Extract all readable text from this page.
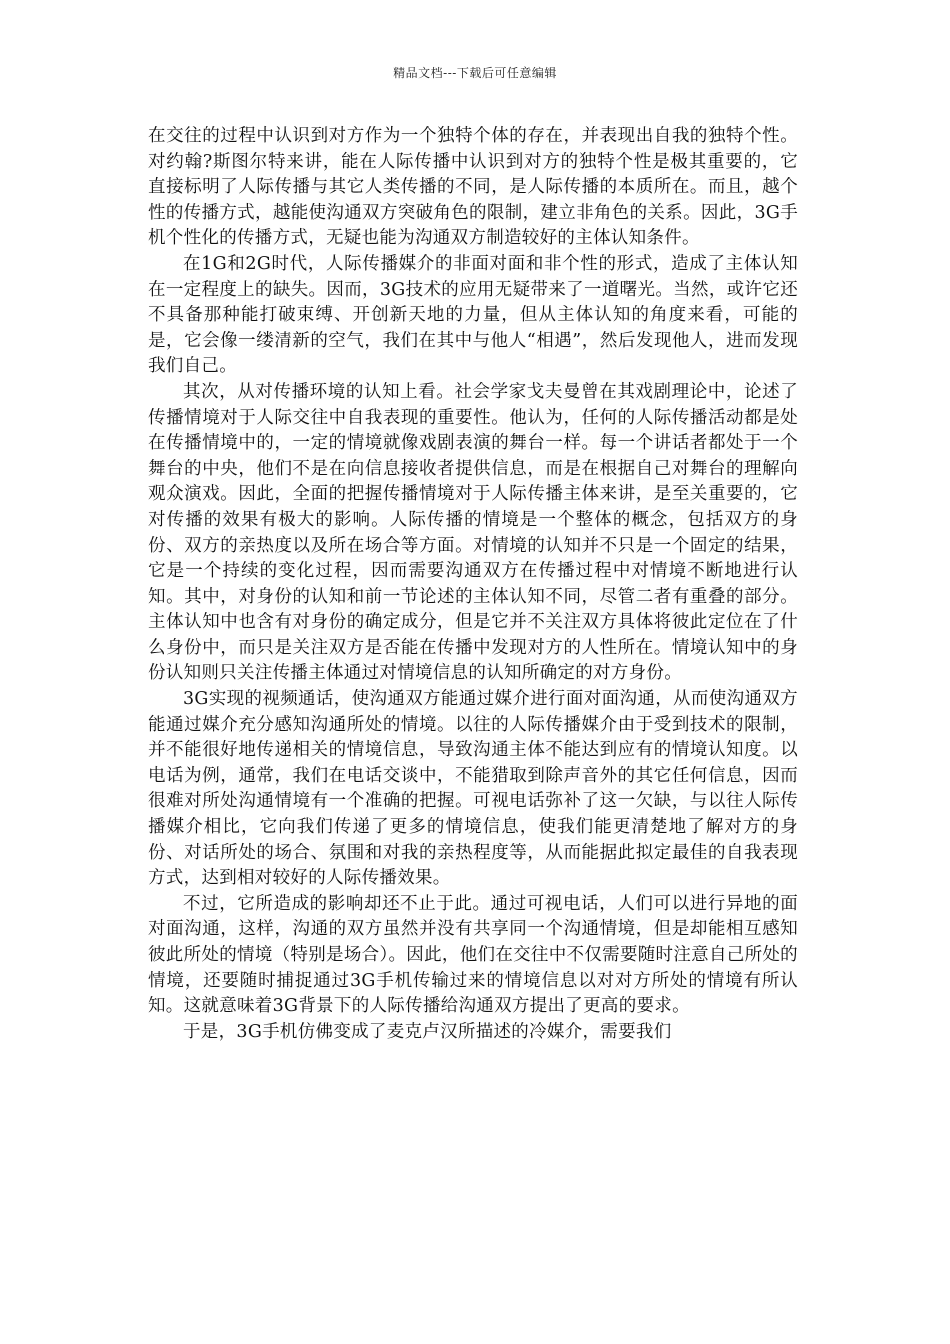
精品文档---下载后可任意编辑

在交往的过程中认识到对方作为一个独特个体的存在，并表现出自我的独特个性。对约翰?斯图尔特来讲，能在人际传播中认识到对方的独特个性是极其重要的，它直接标明了人际传播与其它人类传播的不同，是人际传播的本质所在。而且，越个性的传播方式，越能使沟通双方突破角色的限制，建立非角色的关系。因此，3G手机个性化的传播方式，无疑也能为沟通双方制造较好的主体认知条件。

在1G和2G时代，人际传播媒介的非面对面和非个性的形式，造成了主体认知在一定程度上的缺失。因而，3G技术的应用无疑带来了一道曙光。当然，或许它还不具备那种能打破束缚、开创新天地的力量，但从主体认知的角度来看，可能的是，它会像一缕清新的空气，我们在其中与他人“相遇”，然后发现他人，进而发现我们自己。

其次，从对传播环境的认知上看。社会学家戈夫曼曾在其戏剧理论中，论述了传播情境对于人际交往中自我表现的重要性。他认为，任何的人际传播活动都是处在传播情境中的，一定的情境就像戏剧表演的舞台一样。每一个讲话者都处于一个舞台的中央，他们不是在向信息接收者提供信息，而是在根据自己对舞台的理解向观众演戏。因此，全面的把握传播情境对于人际传播主体来讲，是至关重要的，它对传播的效果有极大的影响。人际传播的情境是一个整体的概念，包括双方的身份、双方的亲热度以及所在场合等方面。对情境的认知并不只是一个固定的结果，它是一个持续的变化过程，因而需要沟通双方在传播过程中对情境不断地进行认知。其中，对身份的认知和前一节论述的主体认知不同，尽管二者有重叠的部分。主体认知中也含有对身份的确定成分，但是它并不关注双方具体将彼此定位在了什么身份中，而只是关注双方是否能在传播中发现对方的人性所在。情境认知中的身份认知则只关注传播主体通过对情境信息的认知所确定的对方身份。

3G实现的视频通话，使沟通双方能通过媒介进行面对面沟通，从而使沟通双方能通过媒介充分感知沟通所处的情境。以往的人际传播媒介由于受到技术的限制，并不能很好地传递相关的情境信息，导致沟通主体不能达到应有的情境认知度。以电话为例，通常，我们在电话交谈中，不能猎取到除声音外的其它任何信息，因而很难对所处沟通情境有一个准确的把握。可视电话弥补了这一欠缺，与以往人际传播媒介相比，它向我们传递了更多的情境信息，使我们能更清楚地了解对方的身份、对话所处的场合、氛围和对我的亲热程度等，从而能据此拟定最佳的自我表现方式，达到相对较好的人际传播效果。

不过，它所造成的影响却还不止于此。通过可视电话，人们可以进行异地的面对面沟通，这样，沟通的双方虽然并没有共享同一个沟通情境，但是却能相互感知彼此所处的情境（特别是场合）。因此，他们在交往中不仅需要随时注意自己所处的情境，还要随时捕捉通过3G手机传输过来的情境信息以对对方所处的情境有所认知。这就意味着3G背景下的人际传播给沟通双方提出了更高的要求。

于是，3G手机仿佛变成了麦克卢汉所描述的冷媒介，需要我们
